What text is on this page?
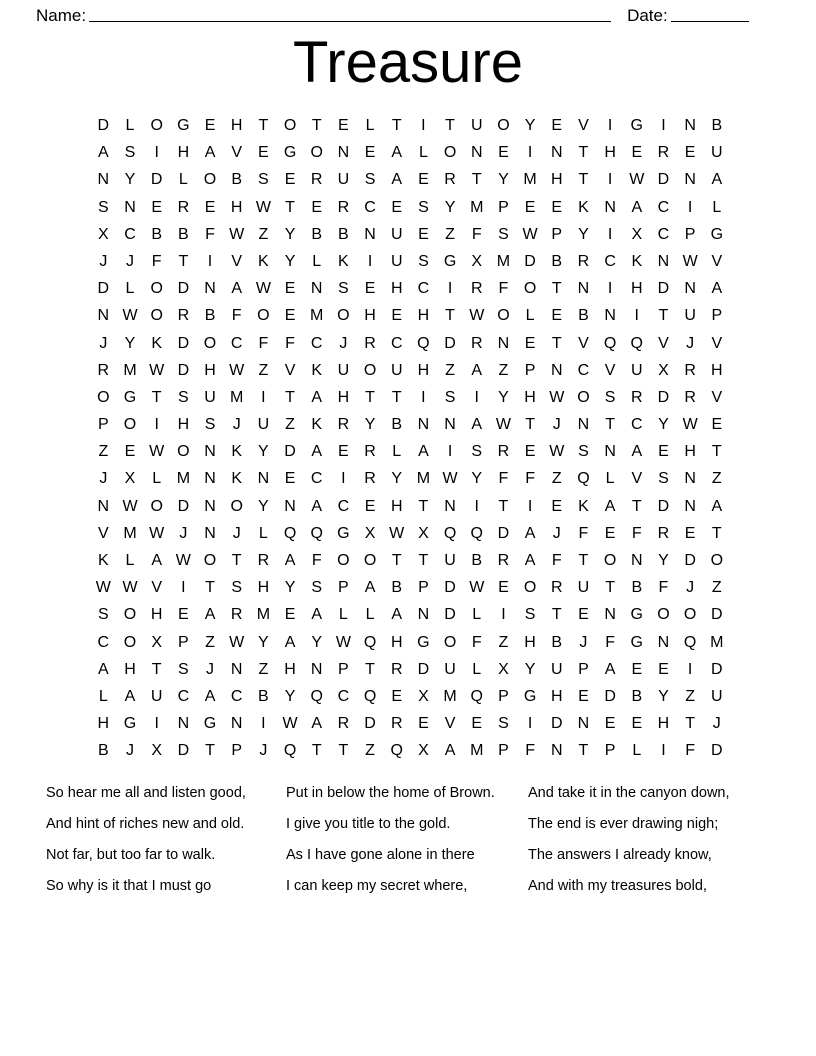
Name:	Date:
Treasure
D	L	O G E H	T O T	E	L	T	I	T	U O Y	E	V	I	G	I	N B
A	S	I	H A	V	E G O N E	A	L	O N E	I	N	T	H E R E U
N Y D	L	O B	S	E R U S	A	E R	T	Y M H	T	I	W D N A
S N E R E H W T	E R C E	S	Y M P	E	E	K N A C	I	L
X C B	B	F W Z	Y	B	B N U E	Z	F	S W P	Y	I	X C P G
J	J	F	T	I	V	K	Y	L	K	I	U S G X M D B R C K N W V
D	L	O D N A W E N S	E H C	I	R	F O T	N	I	H D N A
N W O R B	F O E M O H E H	T W O L	E	B N	I	T	U P
J	Y	K D O C	F	F	C	J	R C Q D R N E	T	V Q Q V	J	V
R M W D H W Z	V	K U O U H	Z	A	Z	P N C V U X R H
O G T	S U M	I	T	A H	T	T	I	S	I	Y H W O S R D R V
P O	I	H S	J	U	Z	K R Y	B N N A W T	J	N	T	C Y W E
Z	E W O N K	Y D A	E R	L	A	I	S R E W S N A	E H	T
J	X	L M N K N E C	I	R Y M W Y	F	F	Z Q L	V	S N	Z
N W O D N O Y N A C E H	T	N	I	T	I	E	K	A	T	D N A
V M W J	N	J	L	Q Q G X W X Q Q D A	J	F	E	F	R E	T
K	L	A W O T	R A	F O O T	T	U B R A	F	T O N Y D O
W W V	I	T	S H Y	S	P	A	B	P D W E O R U	T	B	F	J	Z
S O H E	A R M E	A	L	L	A N D	L	I	S	T	E N G O O D
C O X	P	Z W Y	A	Y W Q H G O F	Z	H B	J	F G N Q M
A H	T	S	J	N	Z	H N P	T	R D U	L	X	Y U P	A	E	E	I	D
L	A U C A C B	Y Q C Q E	X M Q P G H E D B	Y	Z	U
H G	I	N G N	I	W A R D R E	V	E	S	I	D N E	E H	T	J
B	J	X D	T	P	J	Q T	T	Z Q X	A M P	F	N	T	P	L	I	F	D
So hear me all and listen good,
And hint of riches new and old.
Not far, but too far to walk.
So why is it that I must go
Put in below the home of Brown.
I give you title to the gold.
As I have gone alone in there
I can keep my secret where,
And take it in the canyon down,
The end is ever drawing nigh;
The answers I already know,
And with my treasures bold,
